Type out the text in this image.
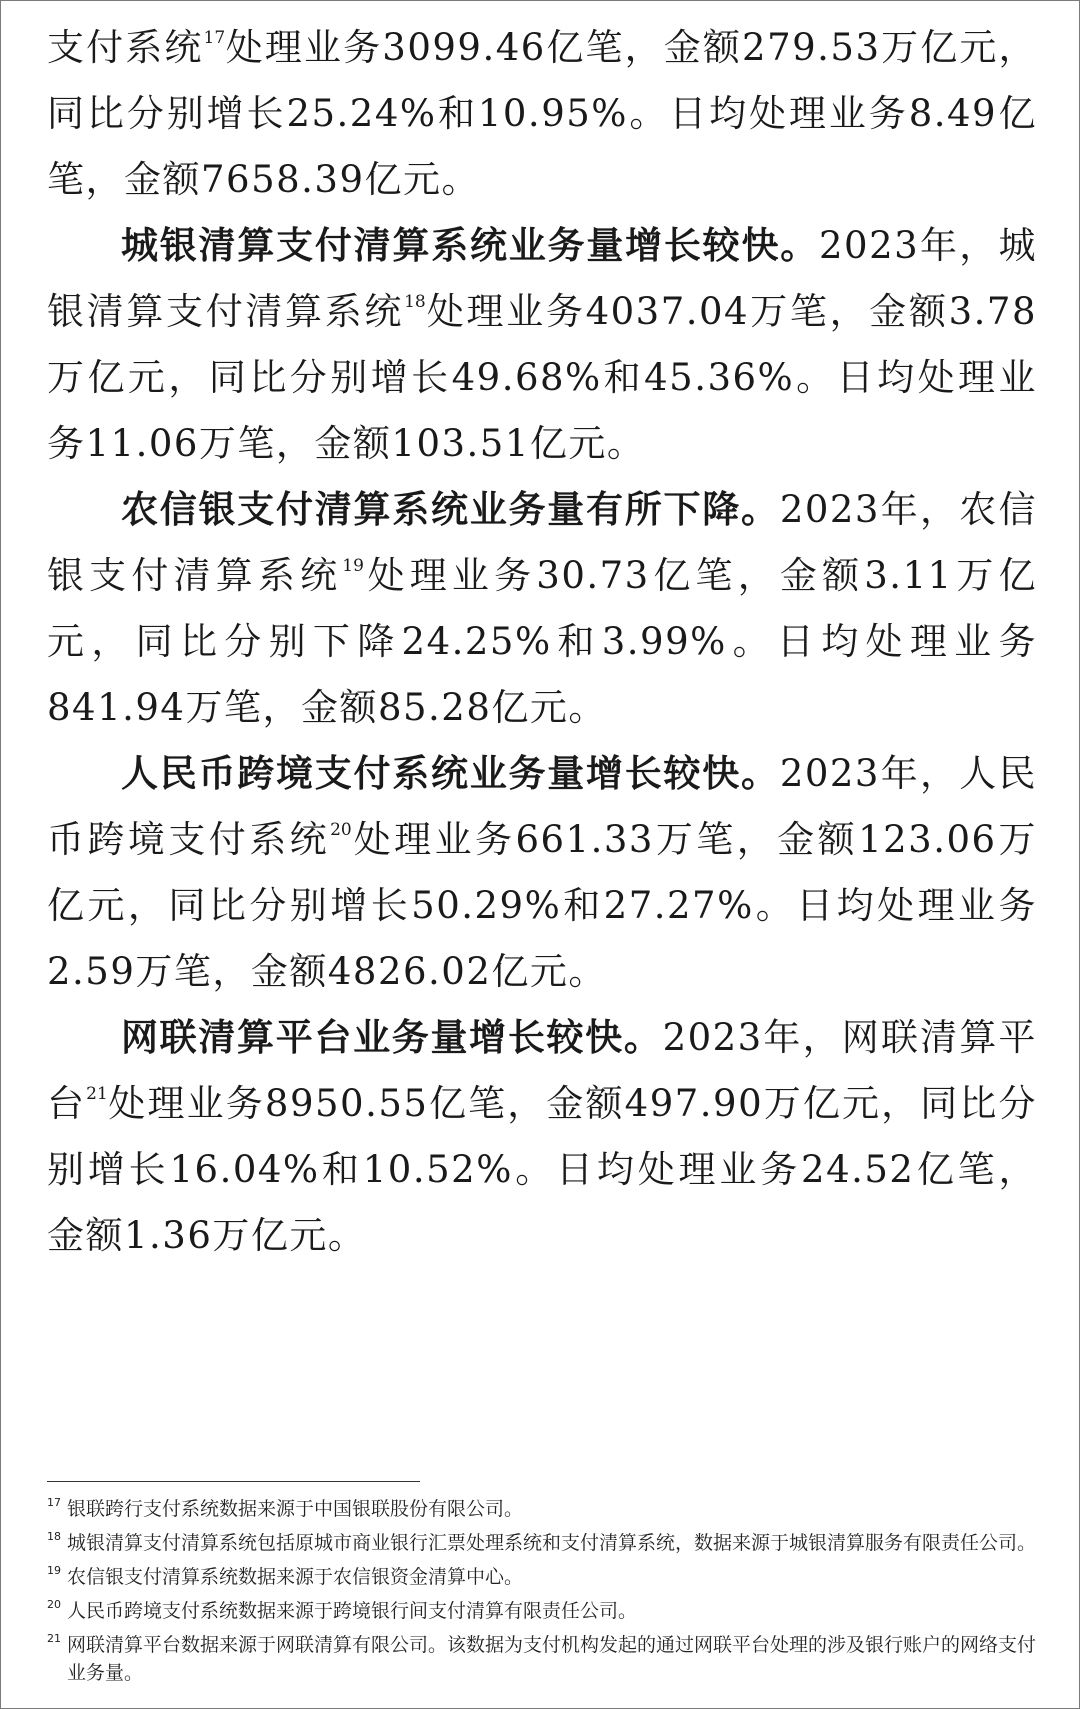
支付系统$^{17}$处理业务3099.46亿笔，金额279.53万亿元，同比分别增长25.24%和10.95%。日均处理业务8.49亿笔，金额7658.39亿元。

城银清算支付清算系统业务量增长较快。2023年，城银清算支付清算系统$^{18}$处理业务4037.04万笔，金额3.78万亿元，同比分别增长49.68%和45.36%。日均处理业务11.06万笔，金额103.51亿元。

农信银支付清算系统业务量有所下降。2023年，农信银支付清算系统$^{19}$处理业务30.73亿笔，金额3.11万亿元，同比分别下降24.25%和3.99%。日均处理业务841.94万笔，金额85.28亿元。

人民币跨境支付系统业务量增长较快。2023年，人民币跨境支付系统$^{20}$处理业务661.33万笔，金额123.06万亿元，同比分别增长50.29%和27.27%。日均处理业务2.59万笔，金额4826.02亿元。

网联清算平台业务量增长较快。2023年，网联清算平台$^{21}$处理业务8950.55亿笔，金额497.90万亿元，同比分别增长16.04%和10.52%。日均处理业务24.52亿笔，金额1.36万亿元。

17 银联跨行支付系统数据来源于中国银联股份有限公司。
18 城银清算支付清算系统包括原城市商业银行汇票处理系统和支付清算系统，数据来源于城银清算服务有限责任公司。
19 农信银支付清算系统数据来源于农信银资金清算中心。
20 人民币跨境支付系统数据来源于跨境银行间支付清算有限责任公司。
21 网联清算平台数据来源于网联清算有限公司。该数据为支付机构发起的通过网联平台处理的涉及银行账户的网络支付业务量。
